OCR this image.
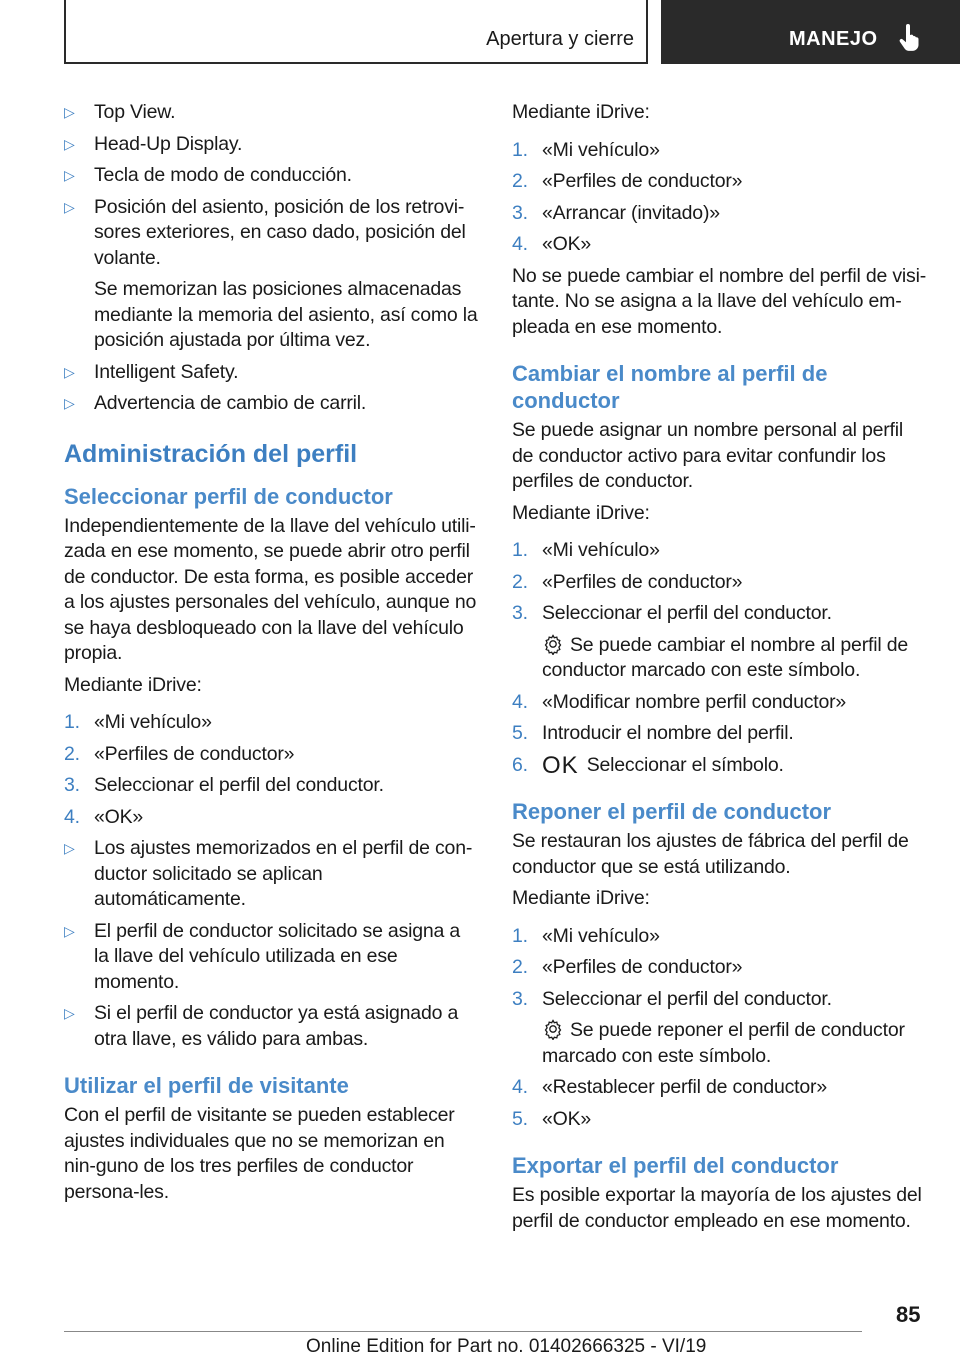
Apertura y cierre	MANEJO
▷ Top View.
▷ Head-Up Display.
▷ Tecla de modo de conducción.
▷ Posición del asiento, posición de los retrovi-sores exteriores, en caso dado, posición del volante.
Se memorizan las posiciones almacenadas mediante la memoria del asiento, así como la posición ajustada por última vez.
▷ Intelligent Safety.
▷ Advertencia de cambio de carril.
Administración del perfil
Seleccionar perfil de conductor
Independientemente de la llave del vehículo utili-zada en ese momento, se puede abrir otro perfil de conductor. De esta forma, es posible acceder a los ajustes personales del vehículo, aunque no se haya desbloqueado con la llave del vehículo propia.
Mediante iDrive:
1. «Mi vehículo»
2. «Perfiles de conductor»
3. Seleccionar el perfil del conductor.
4. «OK»
▷ Los ajustes memorizados en el perfil de con-ductor solicitado se aplican automáticamente.
▷ El perfil de conductor solicitado se asigna a la llave del vehículo utilizada en ese momento.
▷ Si el perfil de conductor ya está asignado a otra llave, es válido para ambas.
Utilizar el perfil de visitante
Con el perfil de visitante se pueden establecer ajustes individuales que no se memorizan en nin-guno de los tres perfiles de conductor persona-les.
Mediante iDrive:
1. «Mi vehículo»
2. «Perfiles de conductor»
3. «Arrancar (invitado)»
4. «OK»
No se puede cambiar el nombre del perfil de visi-tante. No se asigna a la llave del vehículo em-pleada en ese momento.
Cambiar el nombre al perfil de conductor
Se puede asignar un nombre personal al perfil de conductor activo para evitar confundir los perfiles de conductor.
Mediante iDrive:
1. «Mi vehículo»
2. «Perfiles de conductor»
3. Seleccionar el perfil del conductor.
Se puede cambiar el nombre al perfil de conductor marcado con este símbolo.
4. «Modificar nombre perfil conductor»
5. Introducir el nombre del perfil.
6. OK Seleccionar el símbolo.
Reponer el perfil de conductor
Se restauran los ajustes de fábrica del perfil de conductor que se está utilizando.
Mediante iDrive:
1. «Mi vehículo»
2. «Perfiles de conductor»
3. Seleccionar el perfil del conductor.
Se puede reponer el perfil de conductor marcado con este símbolo.
4. «Restablecer perfil de conductor»
5. «OK»
Exportar el perfil del conductor
Es posible exportar la mayoría de los ajustes del perfil de conductor empleado en ese momento.
85
Online Edition for Part no. 01402666325 - VI/19
